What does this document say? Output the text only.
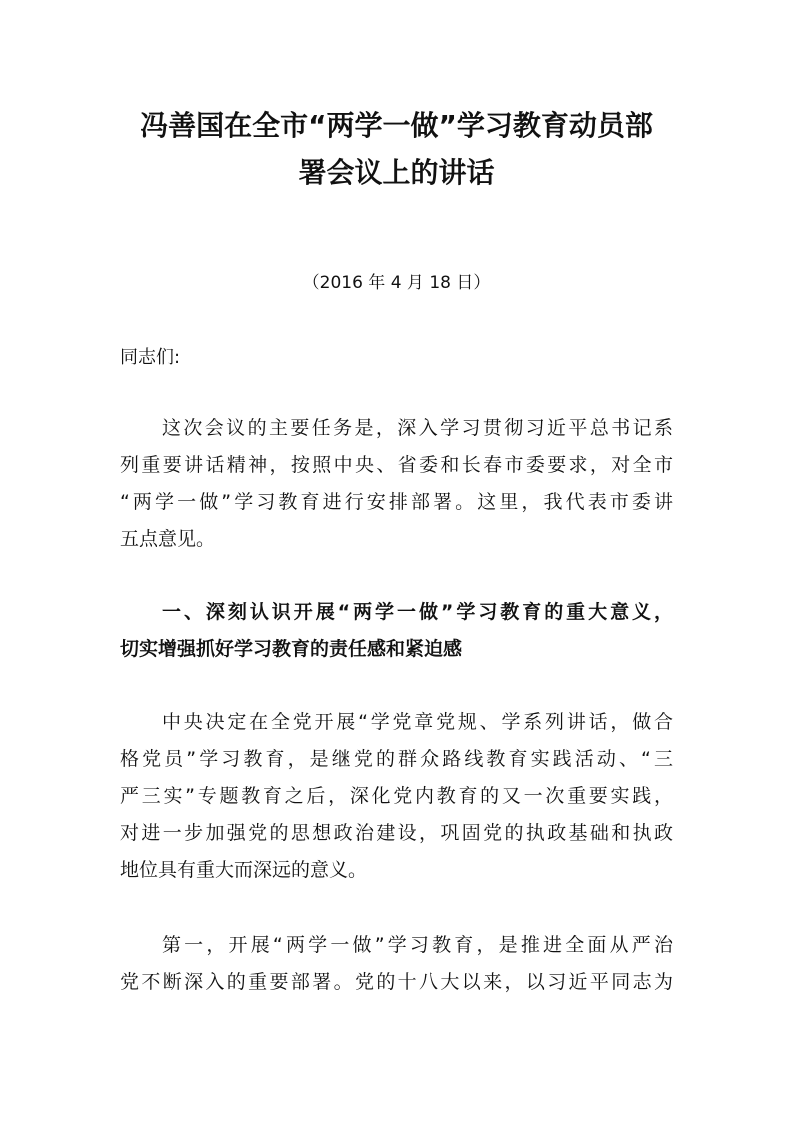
冯善国在全市“两学一做”学习教育动员部
署会议上的讲话
（2016 年 4 月 18 日）
同志们:
这次会议的主要任务是，深入学习贯彻习近平总书记系
列重要讲话精神，按照中央、省委和长春市委要求，对全市
“两学一做”学习教育进行安排部署。这里，我代表市委讲
五点意见。
一、深刻认识开展“两学一做”学习教育的重大意义，
切实增强抓好学习教育的责任感和紧迫感
中央决定在全党开展“学党章党规、学系列讲话，做合
格党员”学习教育，是继党的群众路线教育实践活动、“三
严三实”专题教育之后，深化党内教育的又一次重要实践，
对进一步加强党的思想政治建设，巩固党的执政基础和执政
地位具有重大而深远的意义。
第一，开展“两学一做”学习教育，是推进全面从严治
党不断深入的重要部署。党的十八大以来，以习近平同志为
